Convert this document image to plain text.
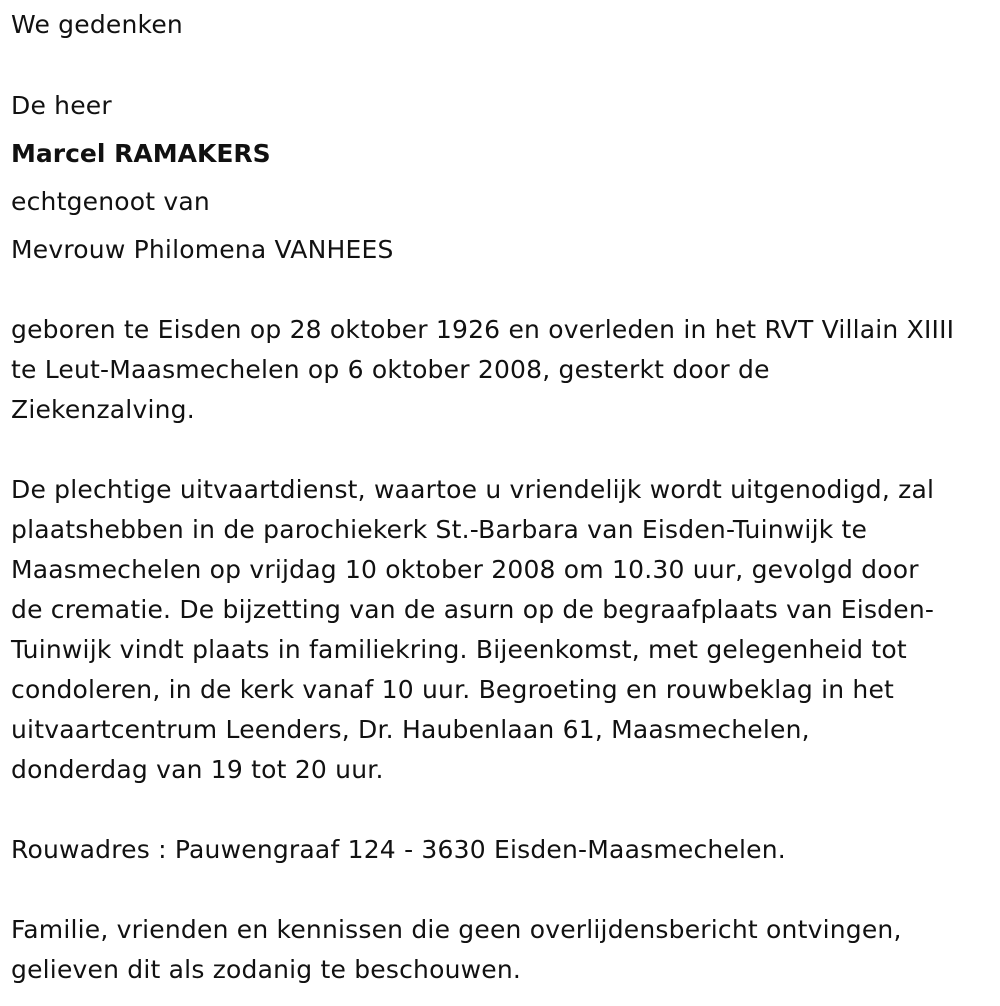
We gedenken
De heer
Marcel RAMAKERS
echtgenoot van
Mevrouw Philomena VANHEES
geboren te Eisden op 28 oktober 1926 en overleden in het RVT Villain XIIII
te Leut-Maasmechelen op 6 oktober 2008, gesterkt door de
Ziekenzalving.
De plechtige uitvaartdienst, waartoe u vriendelijk wordt uitgenodigd, zal
plaatshebben in de parochiekerk St.-Barbara van Eisden-Tuinwijk te
Maasmechelen op vrijdag 10 oktober 2008 om 10.30 uur, gevolgd door
de crematie. De bijzetting van de asurn op de begraafplaats van Eisden-
Tuinwijk vindt plaats in familiekring. Bijeenkomst, met gelegenheid tot
condoleren, in de kerk vanaf 10 uur. Begroeting en rouwbeklag in het
uitvaartcentrum Leenders, Dr. Haubenlaan 61, Maasmechelen,
donderdag van 19 tot 20 uur.
Rouwadres : Pauwengraaf 124 - 3630 Eisden-Maasmechelen.
Familie, vrienden en kennissen die geen overlijdensbericht ontvingen,
gelieven dit als zodanig te beschouwen.
